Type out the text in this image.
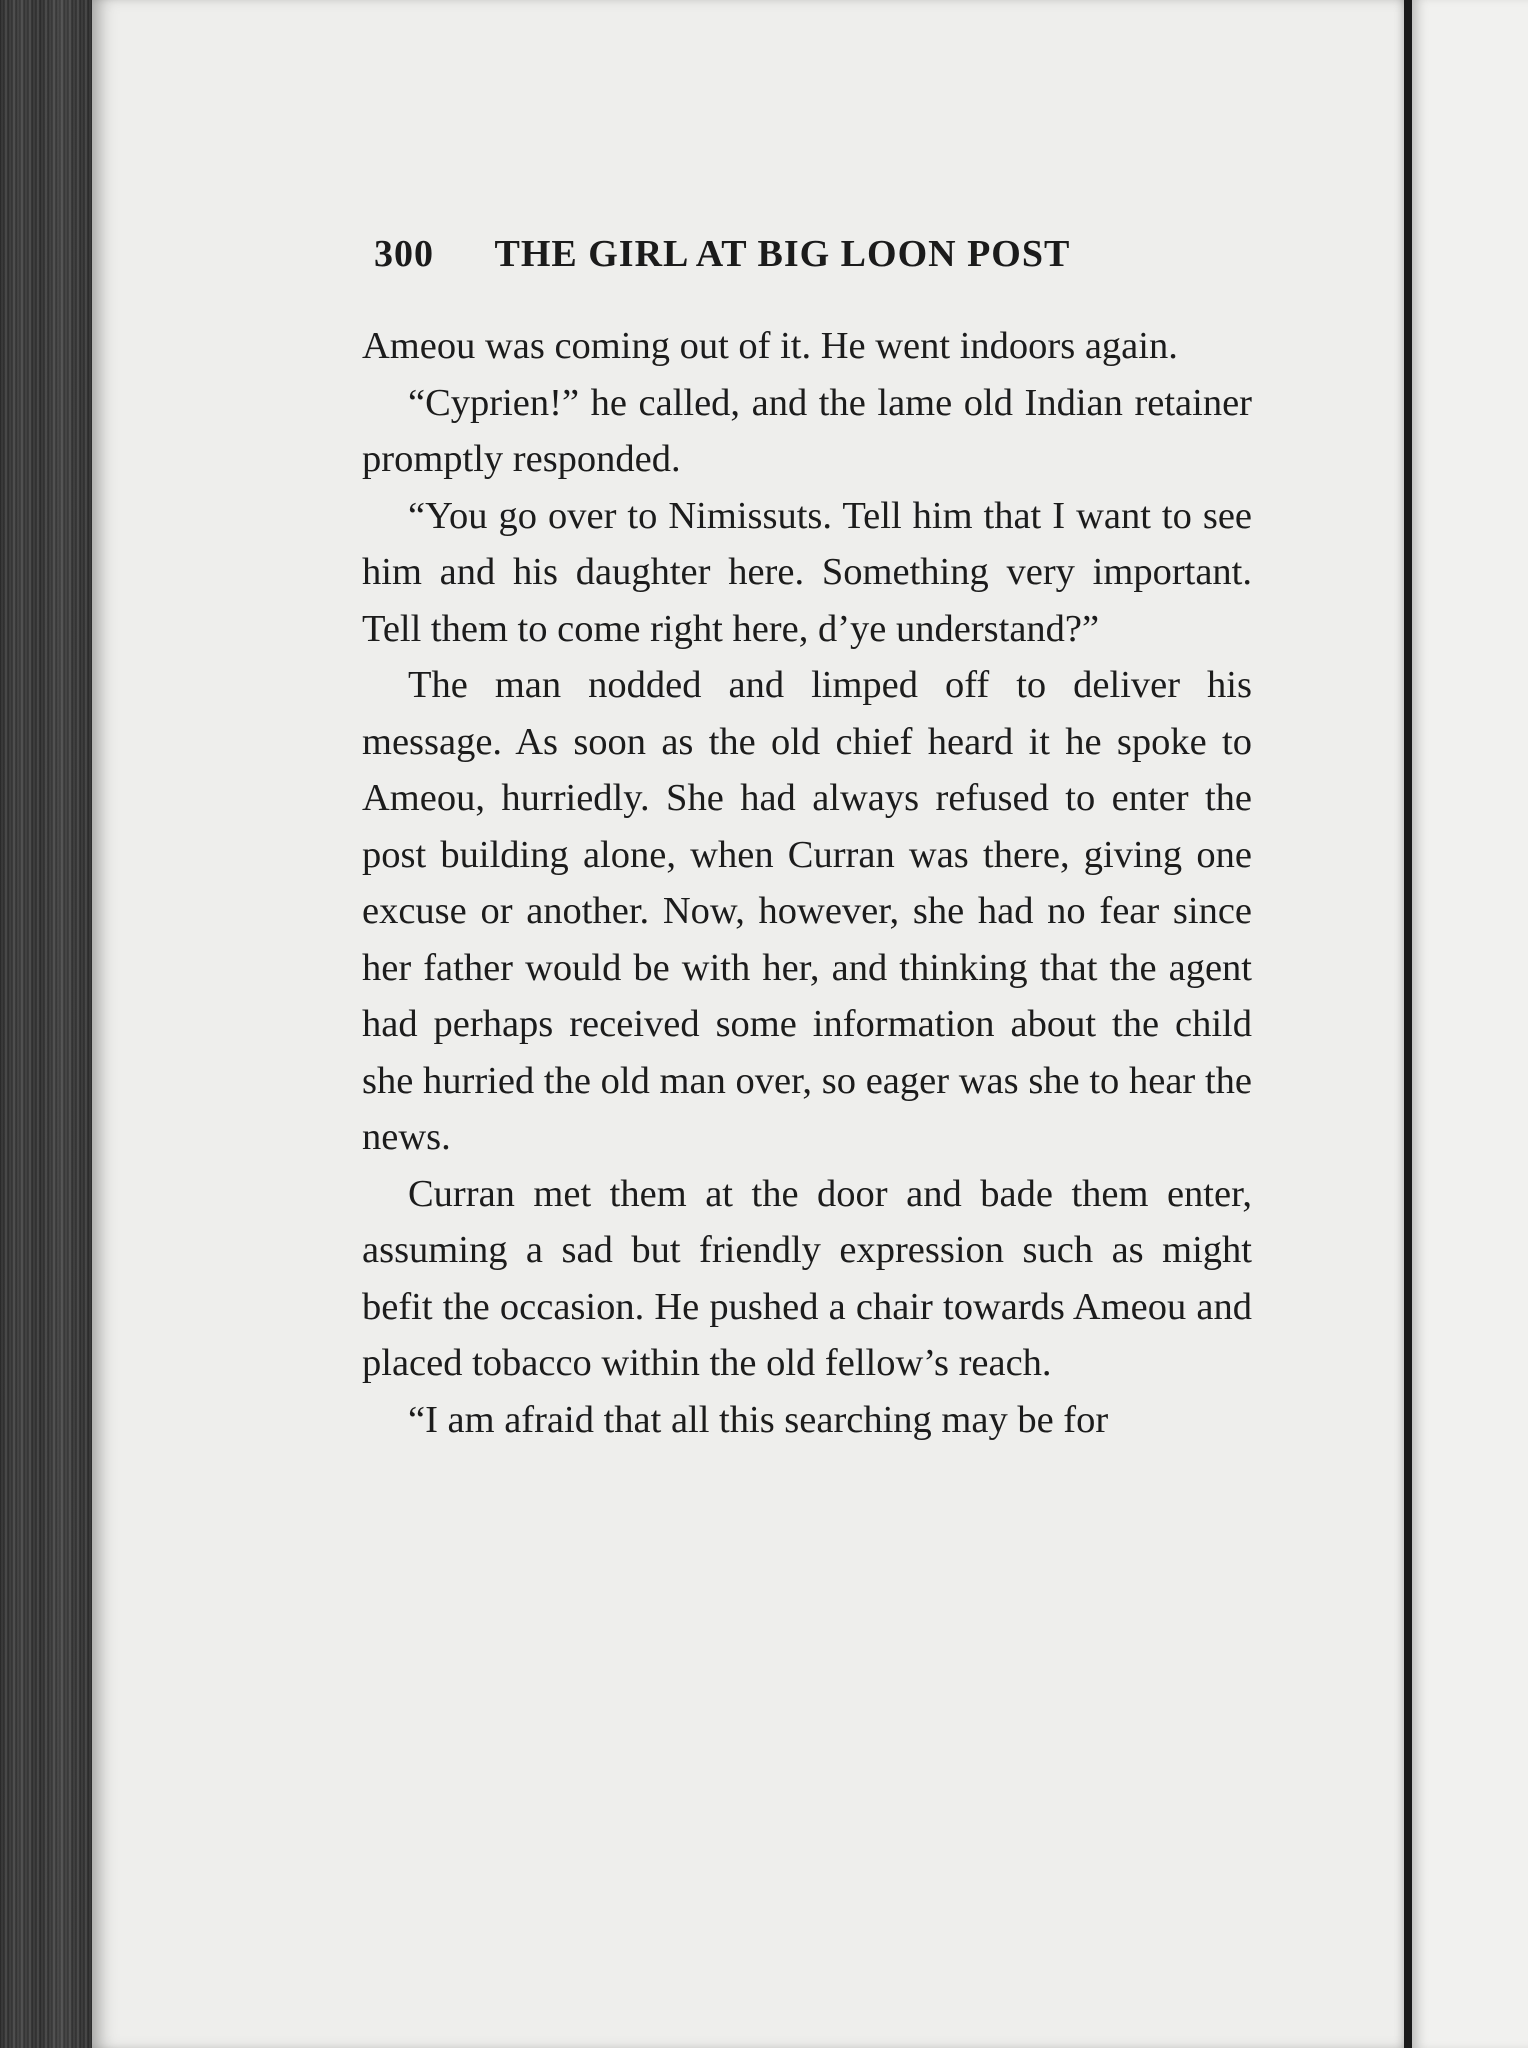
300 THE GIRL AT BIG LOON POST

Ameou was coming out of it. He went indoors again.

“Cyprien!” he called, and the lame old Indian retainer promptly responded.

“You go over to Nimissuts. Tell him that I want to see him and his daughter here. Something very important. Tell them to come right here, d’ye understand?”

The man nodded and limped off to deliver his message. As soon as the old chief heard it he spoke to Ameou, hurriedly. She had always refused to enter the post building alone, when Curran was there, giving one excuse or another. Now, however, she had no fear since her father would be with her, and thinking that the agent had perhaps received some information about the child she hurried the old man over, so eager was she to hear the news.

Curran met them at the door and bade them enter, assuming a sad but friendly expression such as might befit the occasion. He pushed a chair towards Ameou and placed tobacco within the old fellow’s reach.

“I am afraid that all this searching may be for
